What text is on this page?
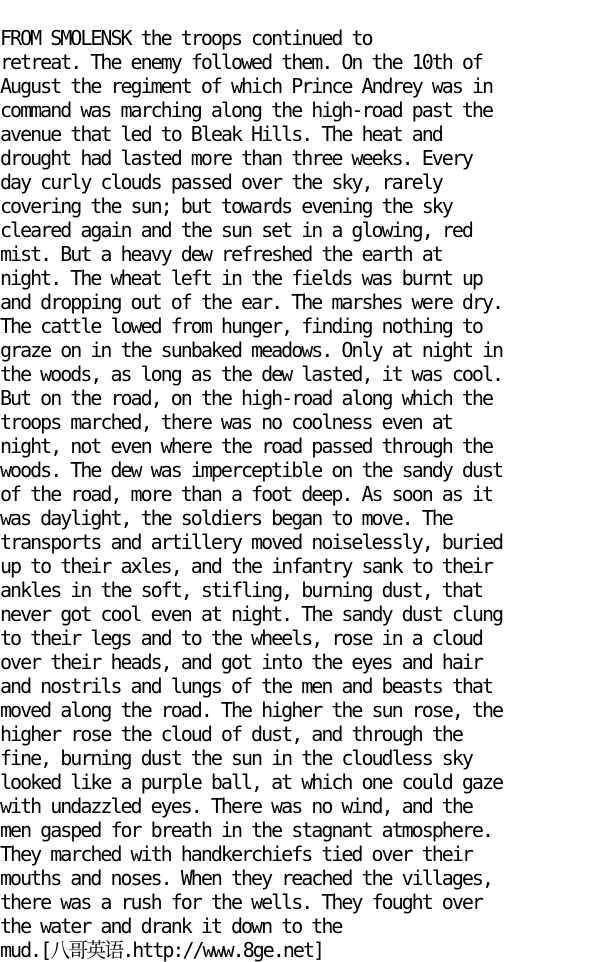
FROM SMOLENSK the troops continued to
retreat. The enemy followed them. On the 10th of
August the regiment of which Prince Andrey was in
command was marching along the high-road past the
avenue that led to Bleak Hills. The heat and
drought had lasted more than three weeks. Every
day curly clouds passed over the sky, rarely
covering the sun; but towards evening the sky
cleared again and the sun set in a glowing, red
mist. But a heavy dew refreshed the earth at
night. The wheat left in the fields was burnt up
and dropping out of the ear. The marshes were dry.
The cattle lowed from hunger, finding nothing to
graze on in the sunbaked meadows. Only at night in
the woods, as long as the dew lasted, it was cool.
But on the road, on the high-road along which the
troops marched, there was no coolness even at
night, not even where the road passed through the
woods. The dew was imperceptible on the sandy dust
of the road, more than a foot deep. As soon as it
was daylight, the soldiers began to move. The
transports and artillery moved noiselessly, buried
up to their axles, and the infantry sank to their
ankles in the soft, stifling, burning dust, that
never got cool even at night. The sandy dust clung
to their legs and to the wheels, rose in a cloud
over their heads, and got into the eyes and hair
and nostrils and lungs of the men and beasts that
moved along the road. The higher the sun rose, the
higher rose the cloud of dust, and through the
fine, burning dust the sun in the cloudless sky
looked like a purple ball, at which one could gaze
with undazzled eyes. There was no wind, and the
men gasped for breath in the stagnant atmosphere.
They marched with handkerchiefs tied over their
mouths and noses. When they reached the villages,
there was a rush for the wells. They fought over
the water and drank it down to the
mud.[八哥英语.http://www.8ge.net]
